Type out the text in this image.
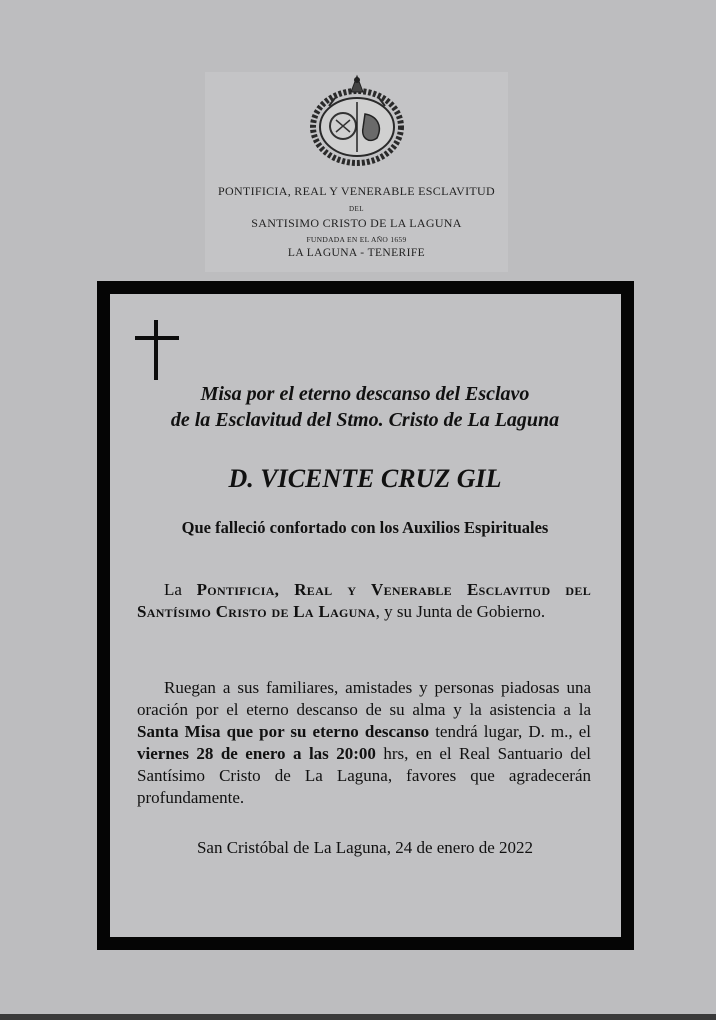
PONTIFICIA, REAL Y VENERABLE ESCLAVITUD
DEL
SANTISIMO CRISTO DE LA LAGUNA
FUNDADA EN EL AÑO 1659
LA LAGUNA - TENERIFE
Misa por el eterno descanso del Esclavo
de la Esclavitud del Stmo. Cristo de La Laguna
D. VICENTE CRUZ GIL
Que falleció confortado con los Auxilios Espirituales
La Pontificia, Real y Venerable Esclavitud del Santísimo Cristo de La Laguna, y su Junta de Gobierno.
Ruegan a sus familiares, amistades y personas piadosas una oración por el eterno descanso de su alma y la asistencia a la Santa Misa que por su eterno descanso tendrá lugar, D. m., el viernes 28 de enero a las 20:00 hrs, en el Real Santuario del Santísimo Cristo de La Laguna, favores que agradecerán profundamente.
San Cristóbal de La Laguna, 24 de enero de 2022
